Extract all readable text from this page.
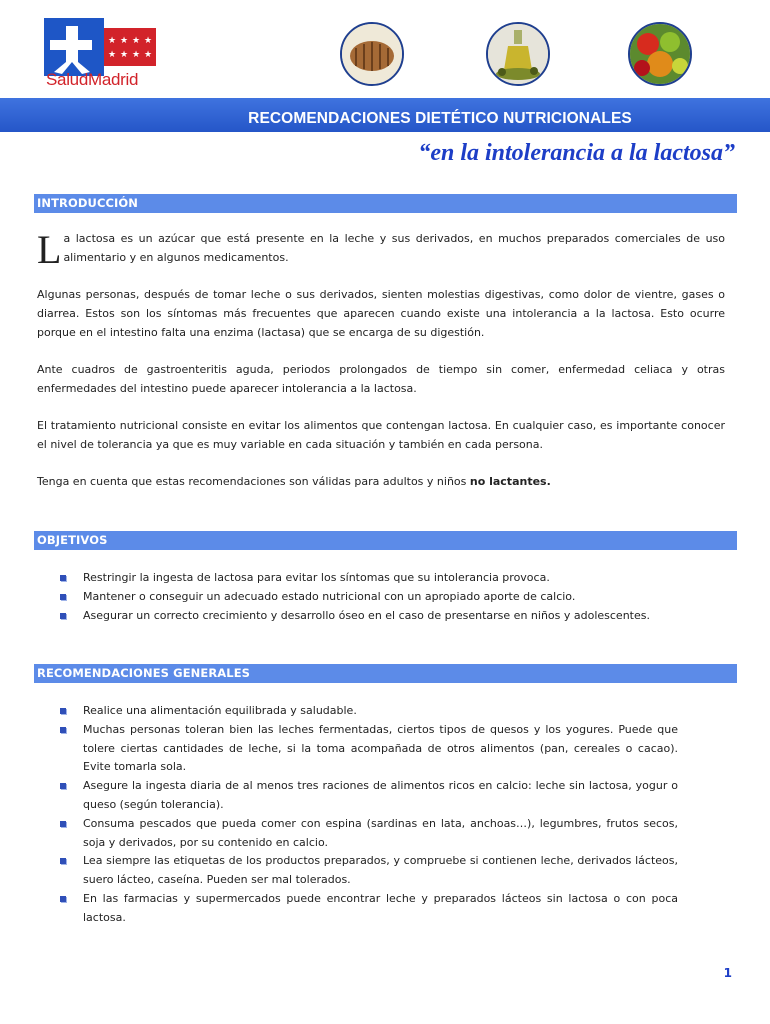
★ ★ ★ ★
★ ★ ★ ★
SaludMadrid
RECOMENDACIONES DIETÉTICO NUTRICIONALES
“en la intolerancia a la lactosa”
INTRODUCCIÓN
La lactosa es un azúcar que está presente en la leche y sus derivados, en muchos preparados comerciales de uso alimentario y en algunos medicamentos.
Algunas personas, después de tomar leche o sus derivados, sienten molestias digestivas, como dolor de vientre, gases o diarrea. Estos son los síntomas más frecuentes que aparecen cuando existe una intolerancia a la lactosa. Esto ocurre porque en el intestino falta una enzima (lactasa) que se encarga de su digestión.
Ante cuadros de gastroenteritis aguda, periodos prolongados de tiempo sin comer, enfermedad celiaca y otras enfermedades del intestino puede aparecer intolerancia a la lactosa.
El tratamiento nutricional consiste en evitar los alimentos que contengan lactosa. En cualquier caso, es importante conocer el nivel de tolerancia ya que es muy variable en cada situación y también en cada persona.
Tenga en cuenta que estas recomendaciones son válidas para adultos y niños no lactantes.
OBJETIVOS
Restringir la ingesta de lactosa para evitar los síntomas que su intolerancia provoca.
Mantener o conseguir un adecuado estado nutricional con un apropiado aporte de calcio.
Asegurar un correcto crecimiento y desarrollo óseo en el caso de presentarse en niños y adolescentes.
RECOMENDACIONES GENERALES
Realice una alimentación equilibrada y saludable.
Muchas personas toleran bien las leches fermentadas, ciertos tipos de quesos y los yogures. Puede que tolere ciertas cantidades de leche, si la toma acompañada de otros alimentos (pan, cereales o cacao). Evite tomarla sola.
Asegure la ingesta diaria de al menos tres raciones de alimentos ricos en calcio: leche sin lactosa, yogur o queso (según tolerancia).
Consuma pescados que pueda comer con espina (sardinas en lata, anchoas…), legumbres, frutos secos, soja y derivados, por su contenido en calcio.
Lea siempre las etiquetas de los productos preparados, y compruebe si contienen leche, derivados lácteos, suero lácteo, caseína. Pueden ser mal tolerados.
En las farmacias y supermercados puede encontrar leche y preparados lácteos sin lactosa o con poca lactosa.
1
